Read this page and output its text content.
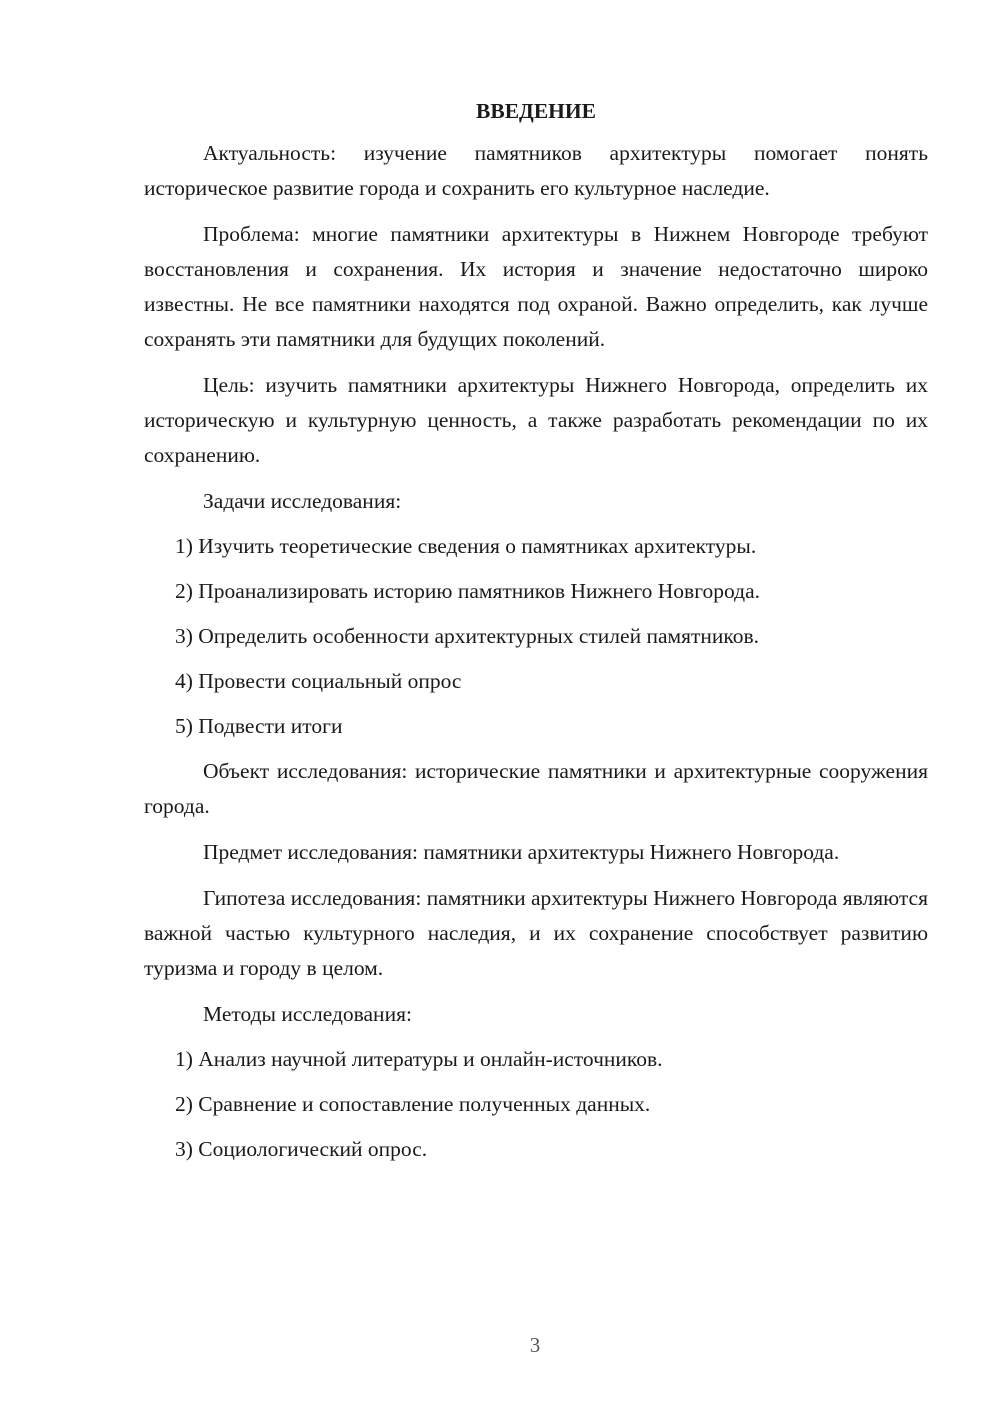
ВВЕДЕНИЕ

Актуальность: изучение памятников архитектуры помогает понять историческое развитие города и сохранить его культурное наследие.

Проблема: многие памятники архитектуры в Нижнем Новгороде требуют восстановления и сохранения. Их история и значение недостаточно широко известны. Не все памятники находятся под охраной. Важно определить, как лучше сохранять эти памятники для будущих поколений.

Цель: изучить памятники архитектуры Нижнего Новгорода, определить их историческую и культурную ценность, а также разработать рекомендации по их сохранению.

Задачи исследования:

1) Изучить теоретические сведения о памятниках архитектуры.
2) Проанализировать историю памятников Нижнего Новгорода.
3) Определить особенности архитектурных стилей памятников.
4) Провести социальный опрос
5) Подвести итоги

Объект исследования: исторические памятники и архитектурные сооружения города.

Предмет исследования: памятники архитектуры Нижнего Новгорода.

Гипотеза исследования: памятники архитектуры Нижнего Новгорода являются важной частью культурного наследия, и их сохранение способствует развитию туризма и городу в целом.

Методы исследования:

1) Анализ научной литературы и онлайн-источников.
2) Сравнение и сопоставление полученных данных.
3) Социологический опрос.
3
